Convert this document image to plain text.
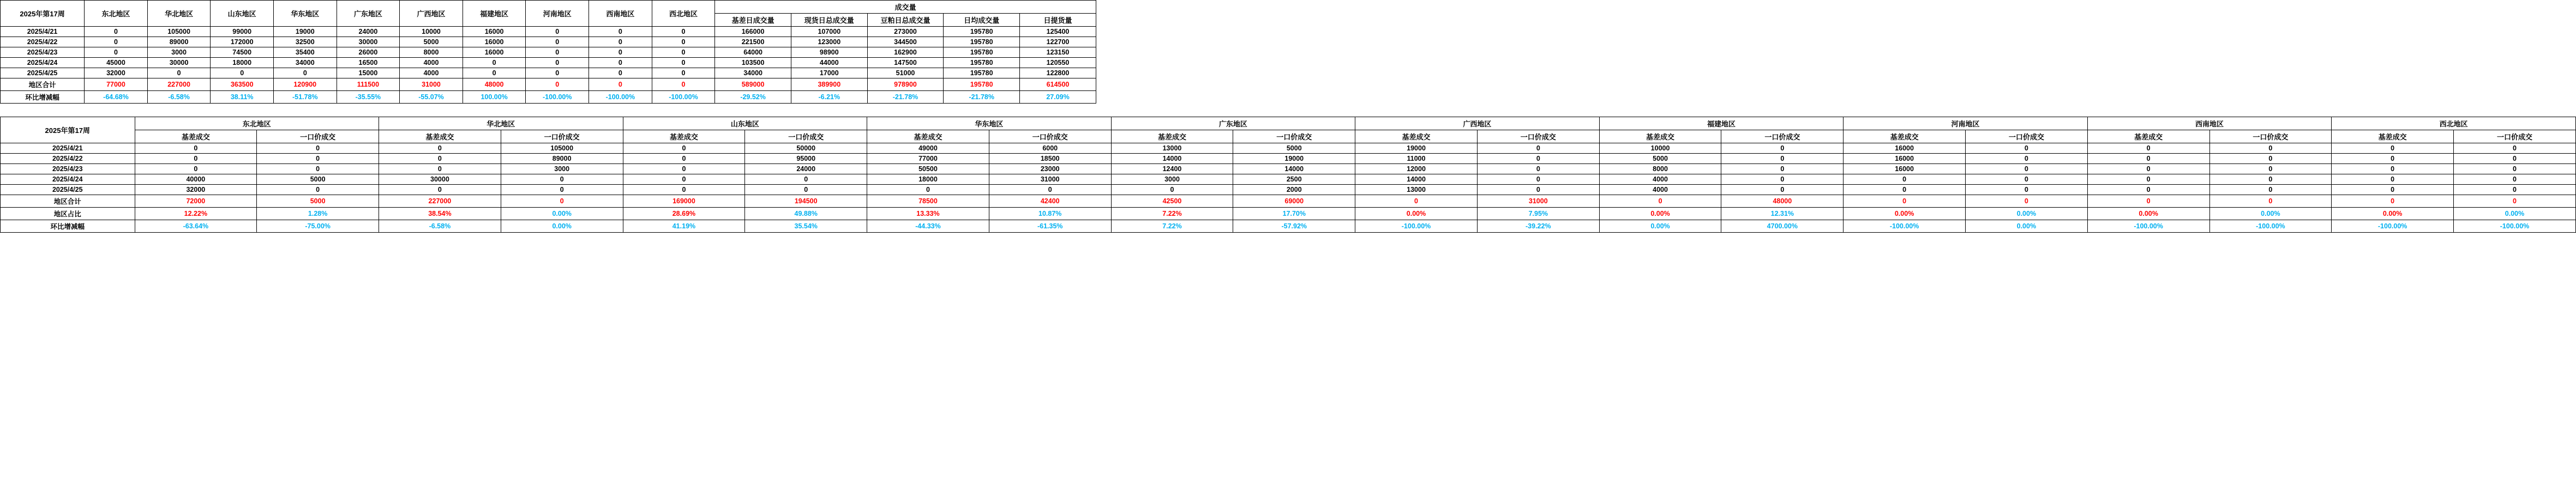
2025年第17周	东北地区	华北地区	山东地区	华东地区	广东地区	广西地区	福建地区	河南地区	西南地区	西北地区	成交量				
											基差日成交量	现货日总成交量	豆粕日总成交量	日均成交量	日提货量
2025/4/21	0	105000	99000	19000	24000	10000	16000	0	0	0	166000	107000	273000	195780	125400
2025/4/22	0	89000	172000	32500	30000	5000	16000	0	0	0	221500	123000	344500	195780	122700
2025/4/23	0	3000	74500	35400	26000	8000	16000	0	0	0	64000	98900	162900	195780	123150
2025/4/24	45000	30000	18000	34000	16500	4000	0	0	0	0	103500	44000	147500	195780	120550
2025/4/25	32000	0	0	0	15000	4000	0	0	0	0	34000	17000	51000	195780	122800
地区合计	77000	227000	363500	120900	111500	31000	48000	0	0	0	589000	389900	978900	195780	614500
环比增减幅	-64.68%	-6.58%	38.11%	-51.78%	-35.55%	-55.07%	100.00%	-100.00%	-100.00%	-100.00%	-29.52%	-6.21%	-21.78%	-21.78%	27.09%
2025年第17周	东北地区		华北地区		山东地区		华东地区		广东地区		广西地区		福建地区		河南地区		西南地区		西北地区	
	基差成交	一口价成交	基差成交	一口价成交	基差成交	一口价成交	基差成交	一口价成交	基差成交	一口价成交	基差成交	一口价成交	基差成交	一口价成交	基差成交	一口价成交	基差成交	一口价成交	基差成交	一口价成交
2025/4/21	0	0	0	105000	0	50000	49000	6000	13000	5000	19000	0	10000	0	16000	0	0	0	0	0
2025/4/22	0	0	0	89000	0	95000	77000	18500	14000	19000	11000	0	5000	0	16000	0	0	0	0	0
2025/4/23	0	0	0	3000	0	24000	50500	23000	12400	14000	12000	0	8000	0	16000	0	0	0	0	0
2025/4/24	40000	5000	30000	0	0	0	18000	31000	3000	2500	14000	0	4000	0	0	0	0	0	0	0
2025/4/25	32000	0	0	0	0	0	0	0	0	2000	13000	0	4000	0	0	0	0	0	0	0
地区合计	72000	5000	227000	0	169000	194500	78500	42400	42500	69000	0	31000	0	48000	0	0	0	0	0	0
地区占比	12.22%	1.28%	38.54%	0.00%	28.69%	49.88%	13.33%	10.87%	7.22%	17.70%	0.00%	7.95%	0.00%	12.31%	0.00%	0.00%	0.00%	0.00%	0.00%	0.00%
环比增减幅	-63.64%	-75.00%	-6.58%	0.00%	41.19%	35.54%	-44.33%	-61.35%	7.22%	-57.92%	-100.00%	-39.22%	0.00%	4700.00%	-100.00%	0.00%	-100.00%	-100.00%	-100.00%	-100.00%
